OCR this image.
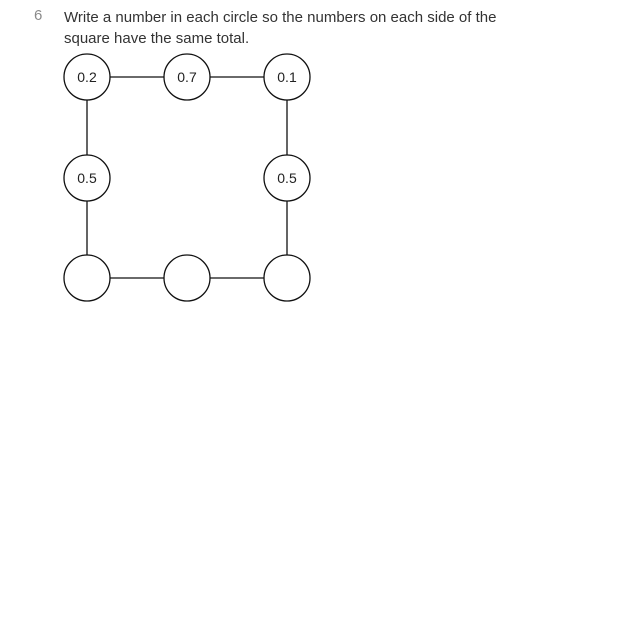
6 Write a number in each circle so the numbers on each side of the square have the same total.
0.2	0.7	0.1
0.5	0.5
